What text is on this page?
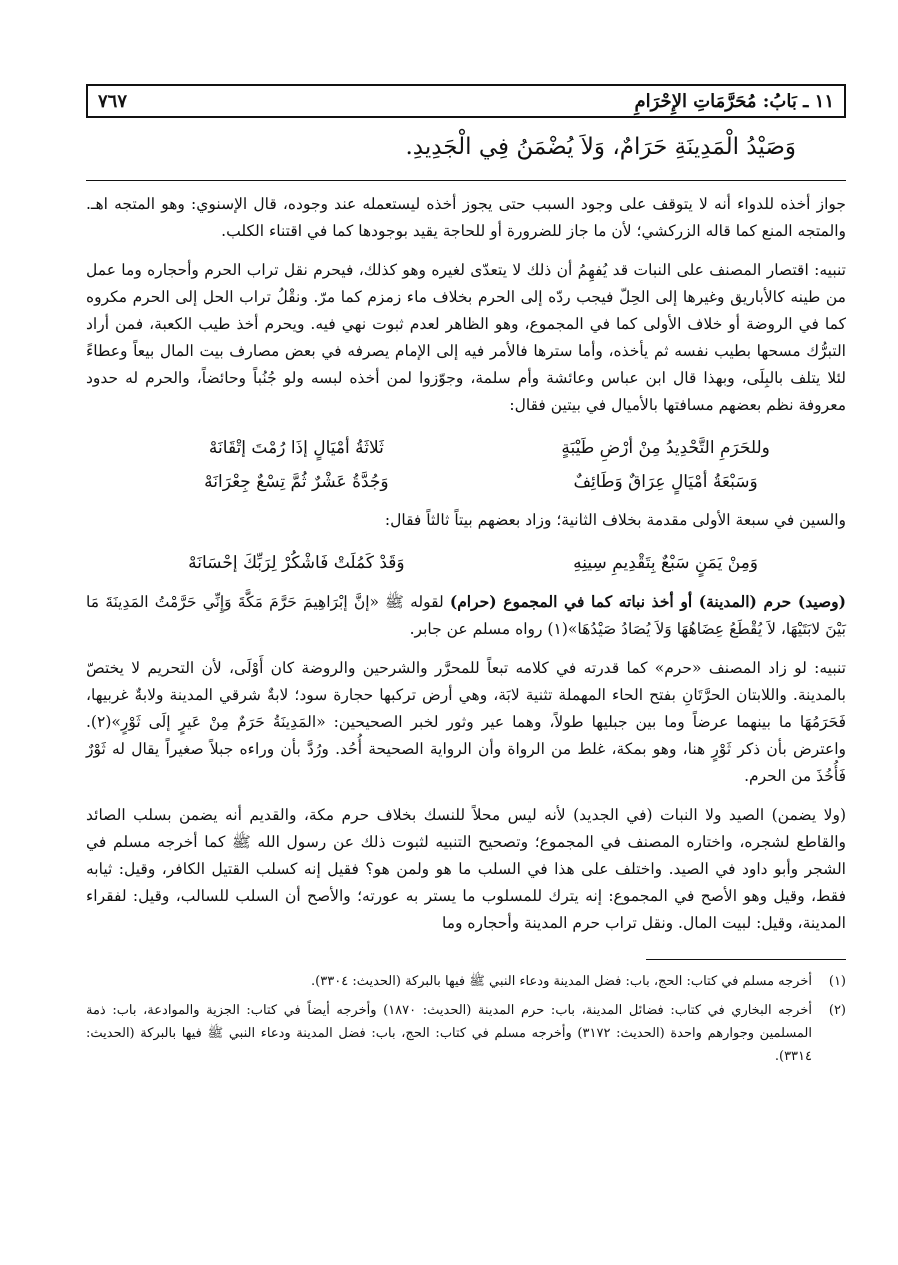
١١ ـ بَابُ: مُحَرَّمَاتِ الإِحْرَامِ
٧٦٧
وَصَيْدُ الْمَدِينَةِ حَرَامٌ، وَلاَ يُضْمَنُ فِي الْجَدِيدِ.

جواز أخذه للدواء أنه لا يتوقف على وجود السبب حتى يجوز أخذه ليستعمله عند وجوده، قال الإسنوي: وهو المتجه اهـ. والمتجه المنع كما قاله الزركشي؛ لأن ما جاز للضرورة أو للحاجة يقيد بوجودها كما في اقتناء الكلب.

تنبيه: اقتصار المصنف على النبات قد يُفهِمُ أن ذلك لا يتعدّى لغيره وهو كذلك، فيحرم نقل تراب الحرم وأحجاره وما عمل من طينه كالأباريق وغيرها إلى الحِلّ فيجب ردّه إلى الحرم بخلاف ماء زمزم كما مرّ. ونقْلُ تراب الحل إلى الحرم مكروه كما في الروضة أو خلاف الأولى كما في المجموع، وهو الظاهر لعدم ثبوت نهي فيه. ويحرم أخذ طيب الكعبة، فمن أراد التبرُّك مسحها بطيب نفسه ثم يأخذه، وأما سترها فالأمر فيه إلى الإمام يصرفه في بعض مصارف بيت المال بيعاً وعطاءً لئلا يتلف بالبِلَى، وبهذا قال ابن عباس وعائشة وأم سلمة، وجوّزوا لمن أخذه لبسه ولو جُنُباً وحائضاً، والحرم له حدود معروفة نظم بعضهم مسافتها بالأميال في بيتين فقال:

وللحَرَمِ التَّحْدِيدُ مِنْ أرْضِ طَيْبَةٍ
ثَلاثَةُ أمْيَالٍ إذَا رُمْتَ إتْقَانَهْ
وَسَبْعَةُ أمْيَالٍ عِرَاقٌ وَطَائِفٌ
وَجُدَّةُ عَشْرٌ ثُمَّ تِسْعٌ جِعْرَانَهْ

والسين في سبعة الأولى مقدمة بخلاف الثانية؛ وزاد بعضهم بيتاً ثالثاً فقال:

وَمِنْ يَمَنٍ سَبْعٌ بِتَقْدِيمِ سِينِهِ
وَقَدْ كَمُلَتْ فَاشْكُرْ لِرَبِّكَ إحْسَانَهْ

(وصيد) حرم (المدينة) أو أخذ نباته كما في المجموع (حرام) لقوله ﷺ «إنَّ إبْرَاهِيمَ حَرَّمَ مَكَّةَ وَإِنِّي حَرَّمْتُ المَدِينَةَ مَا بَيْنَ لابَتَيْهَا، لاَ يُقْطَعُ عِضَاهُهَا وَلاَ يُصَادُ صَيْدُهَا»(١) رواه مسلم عن جابر.

تنبيه: لو زاد المصنف «حرم» كما قدرته في كلامه تبعاً للمحرَّر والشرحين والروضة كان أَوْلَى، لأن التحريم لا يختصّ بالمدينة. واللابتان الحرَّتَانِ بفتح الحاء المهملة تثنية لابَة، وهي أرض تركبها حجارة سود؛ لابةٌ شرقي المدينة ولابةٌ غربيها، فَحَرَمُهَا ما بينهما عرضاً وما بين جبليها طولاً، وهما عير وثور لخبر الصحيحين: «المَدِينَةُ حَرَمٌ مِنْ عَيرٍ إلَى ثَوْرٍ»(٢). واعترض بأن ذكر ثَوْرٍ هنا، وهو بمكة، غلط من الرواة وأن الرواية الصحيحة أُحُد. ورُدَّ بأن وراءه جبلاً صغيراً يقال له ثَوْرٌ فَأُخُذَ من الحرم.

(ولا يضمن) الصيد ولا النبات (في الجديد) لأنه ليس محلاً للنسك بخلاف حرم مكة، والقديم أنه يضمن بسلب الصائد والقاطع لشجره، واختاره المصنف في المجموع؛ وتصحيح التنبيه لثبوت ذلك عن رسول الله ﷺ كما أخرجه مسلم في الشجر وأبو داود في الصيد. واختلف على هذا في السلب ما هو ولمن هو؟ فقيل إنه كسلب القتيل الكافر، وقيل: ثيابه فقط، وقيل وهو الأصح في المجموع: إنه يترك للمسلوب ما يستر به عورته؛ والأصح أن السلب للسالب، وقيل: لفقراء المدينة، وقيل: لبيت المال. ونقل تراب حرم المدينة وأحجاره وما

(١)
أخرجه مسلم في كتاب: الحج، باب: فضل المدينة ودعاء النبي ﷺ فيها بالبركة (الحديث: ٣٣٠٤).
(٢)
أخرجه البخاري في كتاب: فضائل المدينة، باب: حرم المدينة (الحديث: ١٨٧٠) وأخرجه أيضاً في كتاب: الجزية والموادعة، باب: ذمة المسلمين وجوارهم واحدة (الحديث: ٣١٧٢) وأخرجه مسلم في كتاب: الحج، باب: فضل المدينة ودعاء النبي ﷺ فيها بالبركة (الحديث: ٣٣١٤).
